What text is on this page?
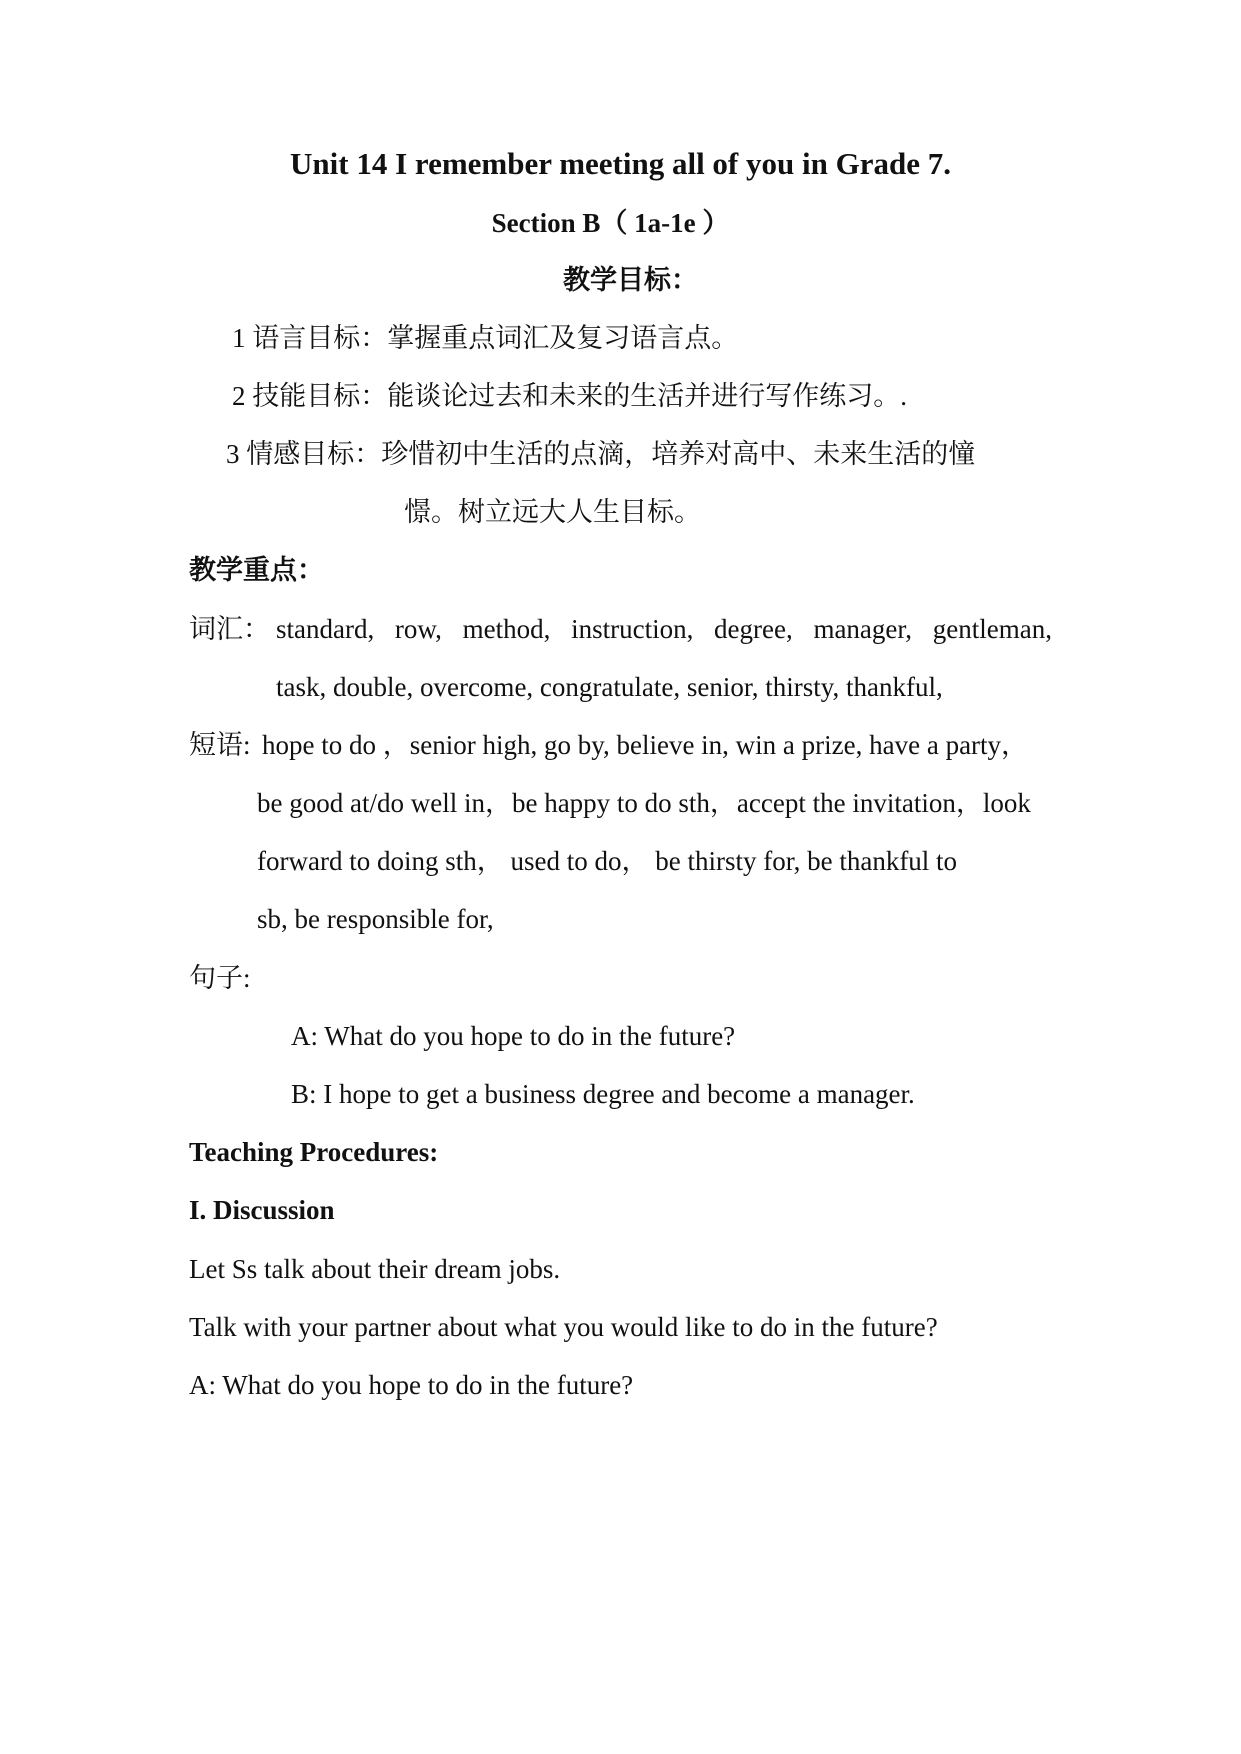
Unit 14 I remember meeting all of you in Grade 7.
Section B（ 1a-1e ）
教学目标：
1 语言目标：掌握重点词汇及复习语言点。
2 技能目标：能谈论过去和未来的生活并进行写作练习。.
3 情感目标：珍惜初中生活的点滴，培养对高中、未来生活的憧
憬。树立远大人生目标。
教学重点：
词汇： standard, row, method, instruction, degree, manager, gentleman,
task, double, overcome, congratulate, senior, thirsty, thankful,
短语: hope to do ，senior high, go by, believe in, win a prize, have a party，
be good at/do well in，be happy to do sth，accept the invitation，look
forward to doing sth， used to do， be thirsty for, be thankful to
sb, be responsible for,
句子:
A: What do you hope to do in the future?
B: I hope to get a business degree and become a manager.
Teaching Procedures:
I. Discussion
Let Ss talk about their dream jobs.
Talk with your partner about what you would like to do in the future?
A: What do you hope to do in the future?
